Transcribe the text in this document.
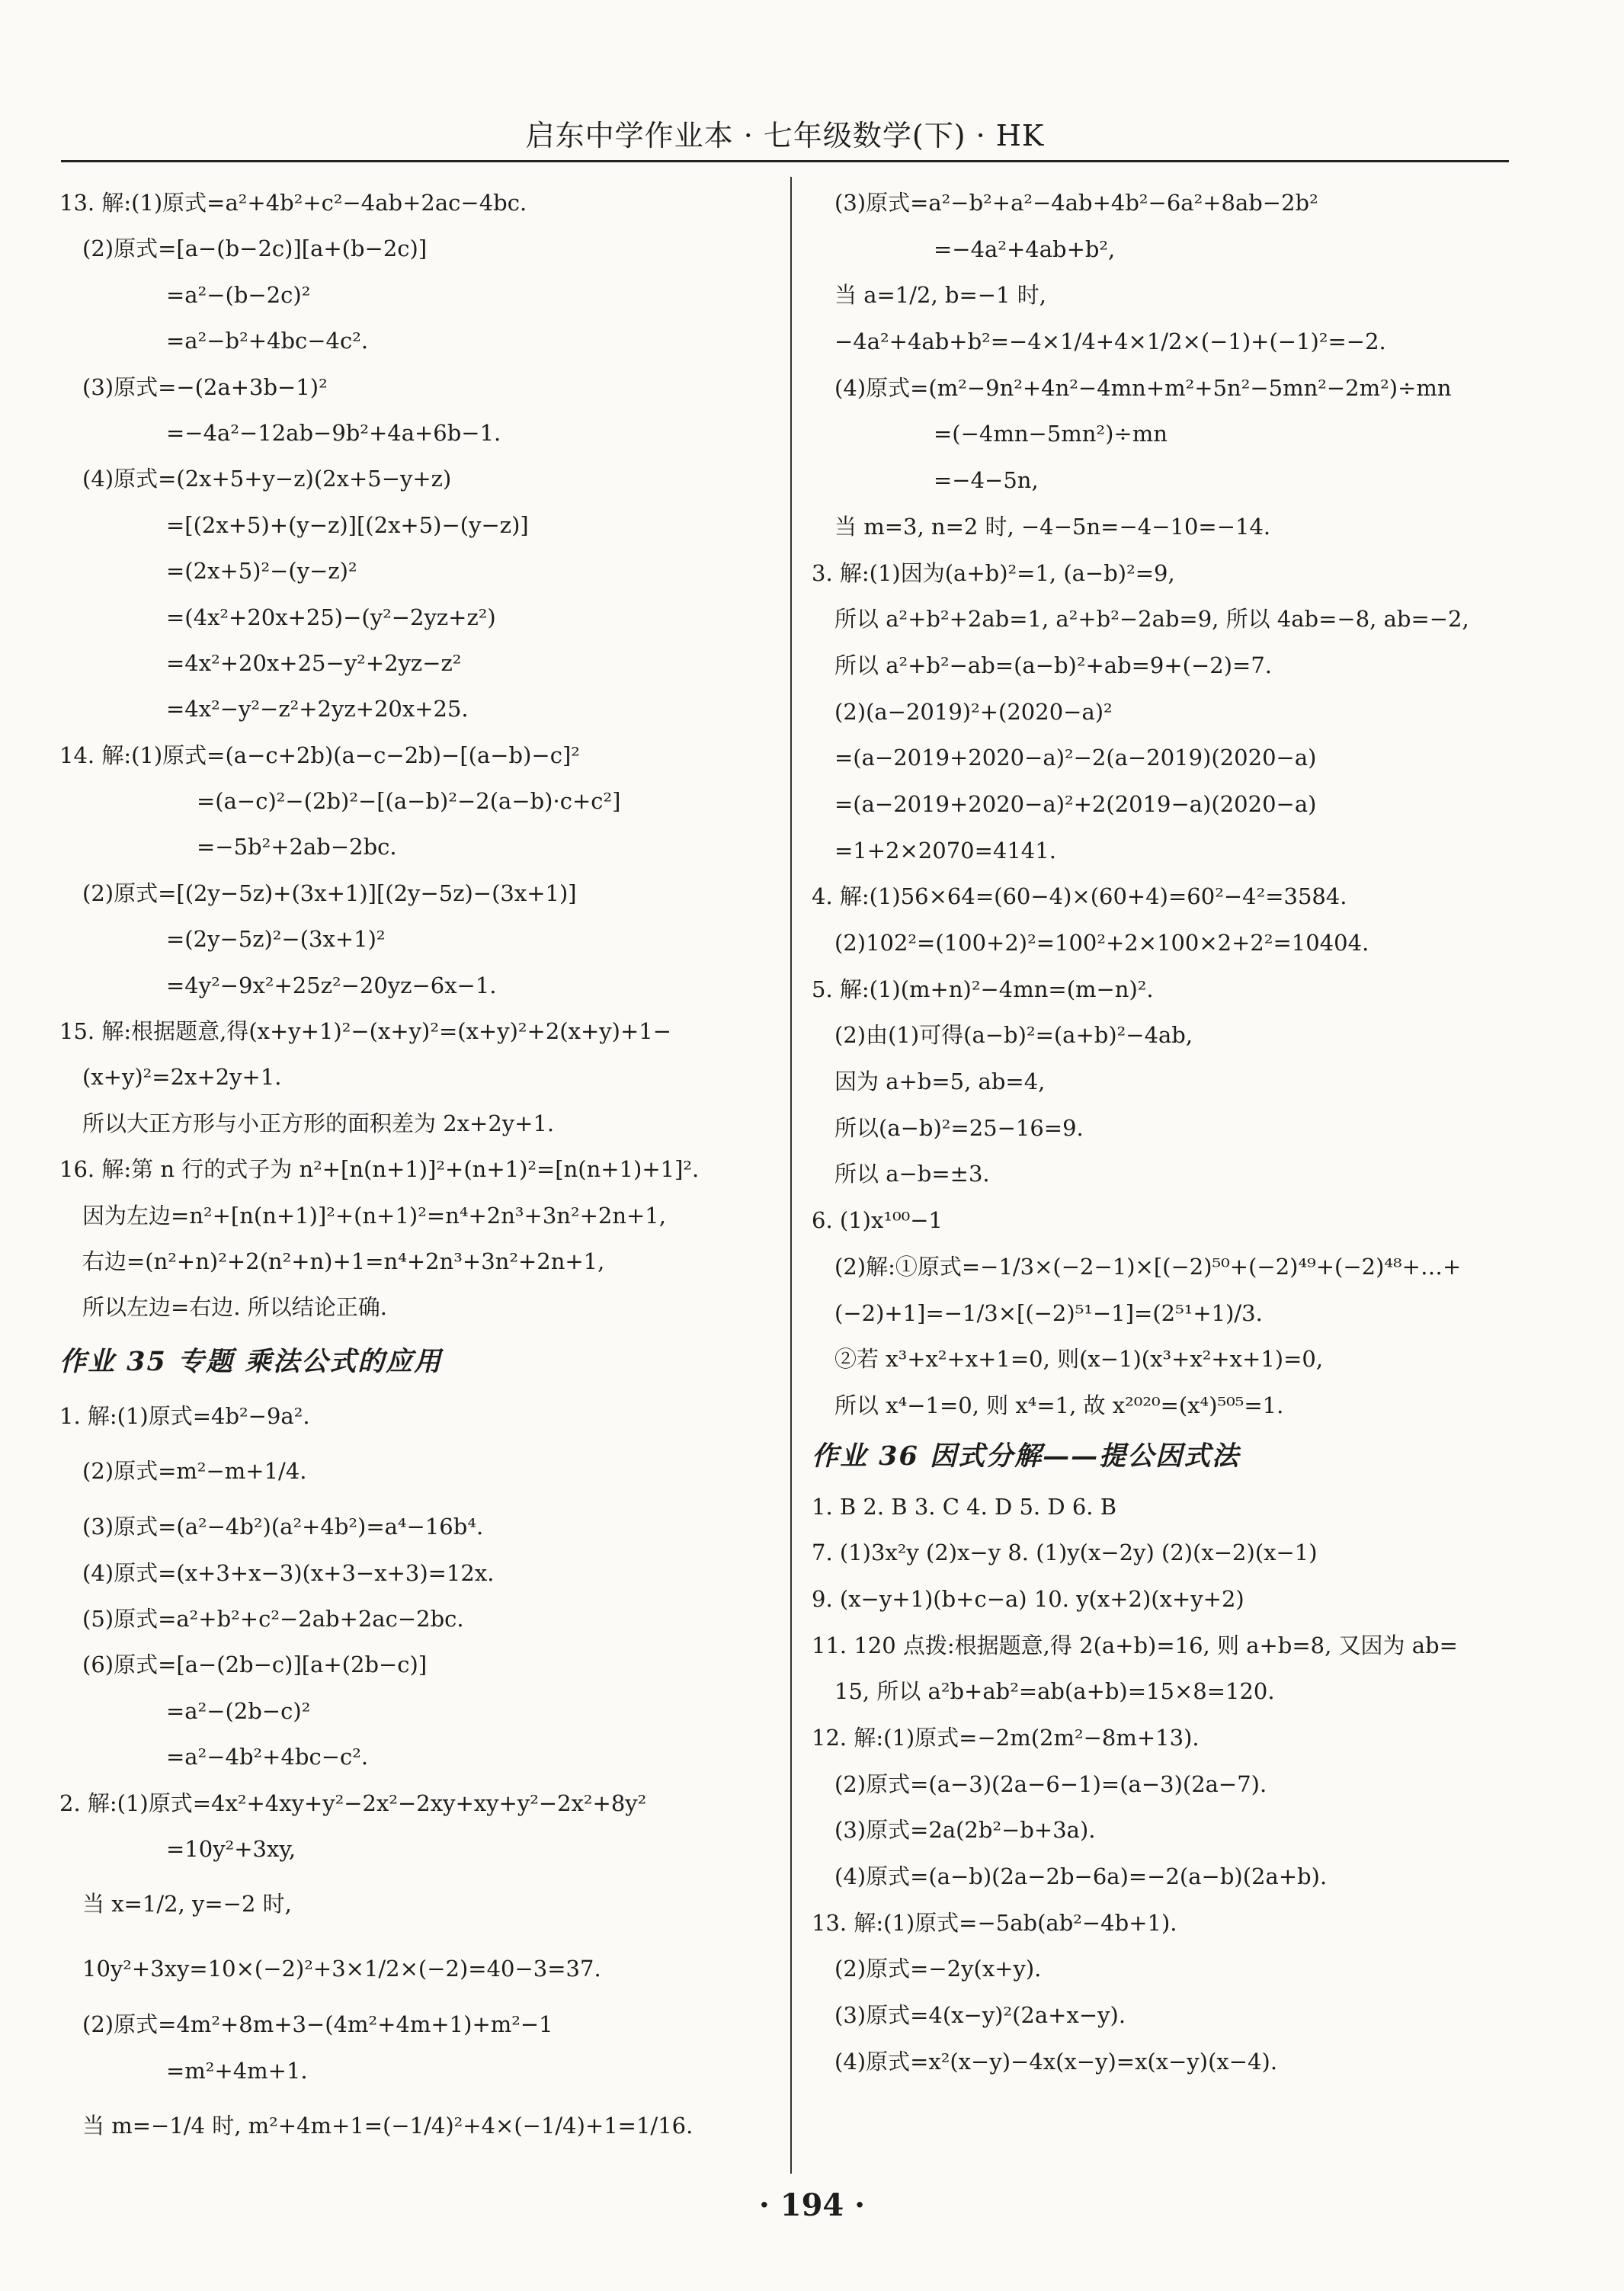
启东中学作业本 · 七年级数学(下) · HK
13. 解:(1)原式=a²+4b²+c²−4ab+2ac−4bc.
(2)原式=[a−(b−2c)][a+(b−2c)]
=a²−(b−2c)²
=a²−b²+4bc−4c².
(3)原式=−(2a+3b−1)²
=−4a²−12ab−9b²+4a+6b−1.
(4)原式=(2x+5+y−z)(2x+5−y+z)
=[(2x+5)+(y−z)][(2x+5)−(y−z)]
=(2x+5)²−(y−z)²
=(4x²+20x+25)−(y²−2yz+z²)
=4x²+20x+25−y²+2yz−z²
=4x²−y²−z²+2yz+20x+25.
14. 解:(1)原式=(a−c+2b)(a−c−2b)−[(a−b)−c]²
=(a−c)²−(2b)²−[(a−b)²−2(a−b)·c+c²]
=−5b²+2ab−2bc.
(2)原式=[(2y−5z)+(3x+1)][(2y−5z)−(3x+1)]
=(2y−5z)²−(3x+1)²
=4y²−9x²+25z²−20yz−6x−1.
15. 解:根据题意,得(x+y+1)²−(x+y)²=(x+y)²+2(x+y)+1−
(x+y)²=2x+2y+1.
所以大正方形与小正方形的面积差为 2x+2y+1.
16. 解:第 n 行的式子为 n²+[n(n+1)]²+(n+1)²=[n(n+1)+1]².
因为左边=n²+[n(n+1)]²+(n+1)²=n⁴+2n³+3n²+2n+1,
右边=(n²+n)²+2(n²+n)+1=n⁴+2n³+3n²+2n+1,
所以左边=右边. 所以结论正确.
作业 35 专题 乘法公式的应用
1. 解:(1)原式=4b²−9a².
(2)原式=m²−m+1/4.
(3)原式=(a²−4b²)(a²+4b²)=a⁴−16b⁴.
(4)原式=(x+3+x−3)(x+3−x+3)=12x.
(5)原式=a²+b²+c²−2ab+2ac−2bc.
(6)原式=[a−(2b−c)][a+(2b−c)]
=a²−(2b−c)²
=a²−4b²+4bc−c².
2. 解:(1)原式=4x²+4xy+y²−2x²−2xy+xy+y²−2x²+8y²
=10y²+3xy,
当 x=1/2, y=−2 时,
10y²+3xy=10×(−2)²+3×1/2×(−2)=40−3=37.
(2)原式=4m²+8m+3−(4m²+4m+1)+m²−1
=m²+4m+1.
当 m=−1/4 时, m²+4m+1=(−1/4)²+4×(−1/4)+1=1/16.
(3)原式=a²−b²+a²−4ab+4b²−6a²+8ab−2b²
=−4a²+4ab+b²,
当 a=1/2, b=−1 时,
−4a²+4ab+b²=−4×1/4+4×1/2×(−1)+(−1)²=−2.
(4)原式=(m²−9n²+4n²−4mn+m²+5n²−5mn²−2m²)÷mn
=(−4mn−5mn²)÷mn
=−4−5n,
当 m=3, n=2 时, −4−5n=−4−10=−14.
3. 解:(1)因为(a+b)²=1, (a−b)²=9,
所以 a²+b²+2ab=1, a²+b²−2ab=9, 所以 4ab=−8, ab=−2,
所以 a²+b²−ab=(a−b)²+ab=9+(−2)=7.
(2)(a−2019)²+(2020−a)²
=(a−2019+2020−a)²−2(a−2019)(2020−a)
=(a−2019+2020−a)²+2(2019−a)(2020−a)
=1+2×2070=4141.
4. 解:(1)56×64=(60−4)×(60+4)=60²−4²=3584.
(2)102²=(100+2)²=100²+2×100×2+2²=10404.
5. 解:(1)(m+n)²−4mn=(m−n)².
(2)由(1)可得(a−b)²=(a+b)²−4ab,
因为 a+b=5, ab=4,
所以(a−b)²=25−16=9.
所以 a−b=±3.
6. (1)x¹⁰⁰−1
(2)解:①原式=−1/3×(−2−1)×[(−2)⁵⁰+(−2)⁴⁹+(−2)⁴⁸+…+
(−2)+1]=−1/3×[(−2)⁵¹−1]=(2⁵¹+1)/3.
②若 x³+x²+x+1=0, 则(x−1)(x³+x²+x+1)=0,
所以 x⁴−1=0, 则 x⁴=1, 故 x²⁰²⁰=(x⁴)⁵⁰⁵=1.
作业 36 因式分解——提公因式法
1. B 2. B 3. C 4. D 5. D 6. B
7. (1)3x²y (2)x−y 8. (1)y(x−2y) (2)(x−2)(x−1)
9. (x−y+1)(b+c−a) 10. y(x+2)(x+y+2)
11. 120 点拨:根据题意,得 2(a+b)=16, 则 a+b=8, 又因为 ab=
15, 所以 a²b+ab²=ab(a+b)=15×8=120.
12. 解:(1)原式=−2m(2m²−8m+13).
(2)原式=(a−3)(2a−6−1)=(a−3)(2a−7).
(3)原式=2a(2b²−b+3a).
(4)原式=(a−b)(2a−2b−6a)=−2(a−b)(2a+b).
13. 解:(1)原式=−5ab(ab²−4b+1).
(2)原式=−2y(x+y).
(3)原式=4(x−y)²(2a+x−y).
(4)原式=x²(x−y)−4x(x−y)=x(x−y)(x−4).
· 194 ·
